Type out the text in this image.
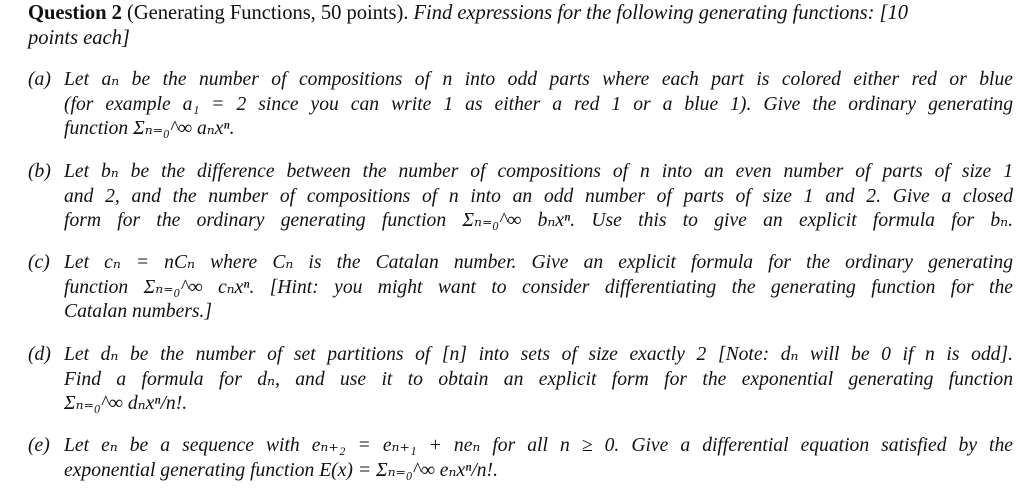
Question 2 (Generating Functions, 50 points). Find expressions for the following generating functions: [10
points each]
(a) Let aₙ be the number of compositions of n into odd parts where each part is colored either red or blue
(for example a₁ = 2 since you can write 1 as either a red 1 or a blue 1). Give the ordinary generating
function Σₙ₌₀^∞ aₙxⁿ.
(b) Let bₙ be the difference between the number of compositions of n into an even number of parts of size 1
and 2, and the number of compositions of n into an odd number of parts of size 1 and 2. Give a closed
form for the ordinary generating function Σₙ₌₀^∞ bₙxⁿ. Use this to give an explicit formula for bₙ.
(c) Let cₙ = nCₙ where Cₙ is the Catalan number. Give an explicit formula for the ordinary generating
function Σₙ₌₀^∞ cₙxⁿ. [Hint: you might want to consider differentiating the generating function for the
Catalan numbers.]
(d) Let dₙ be the number of set partitions of [n] into sets of size exactly 2 [Note: dₙ will be 0 if n is odd].
Find a formula for dₙ, and use it to obtain an explicit form for the exponential generating function
Σₙ₌₀^∞ dₙxⁿ/n!.
(e) Let eₙ be a sequence with eₙ₊₂ = eₙ₊₁ + neₙ for all n ≥ 0. Give a differential equation satisfied by the
exponential generating function E(x) = Σₙ₌₀^∞ eₙxⁿ/n!.
